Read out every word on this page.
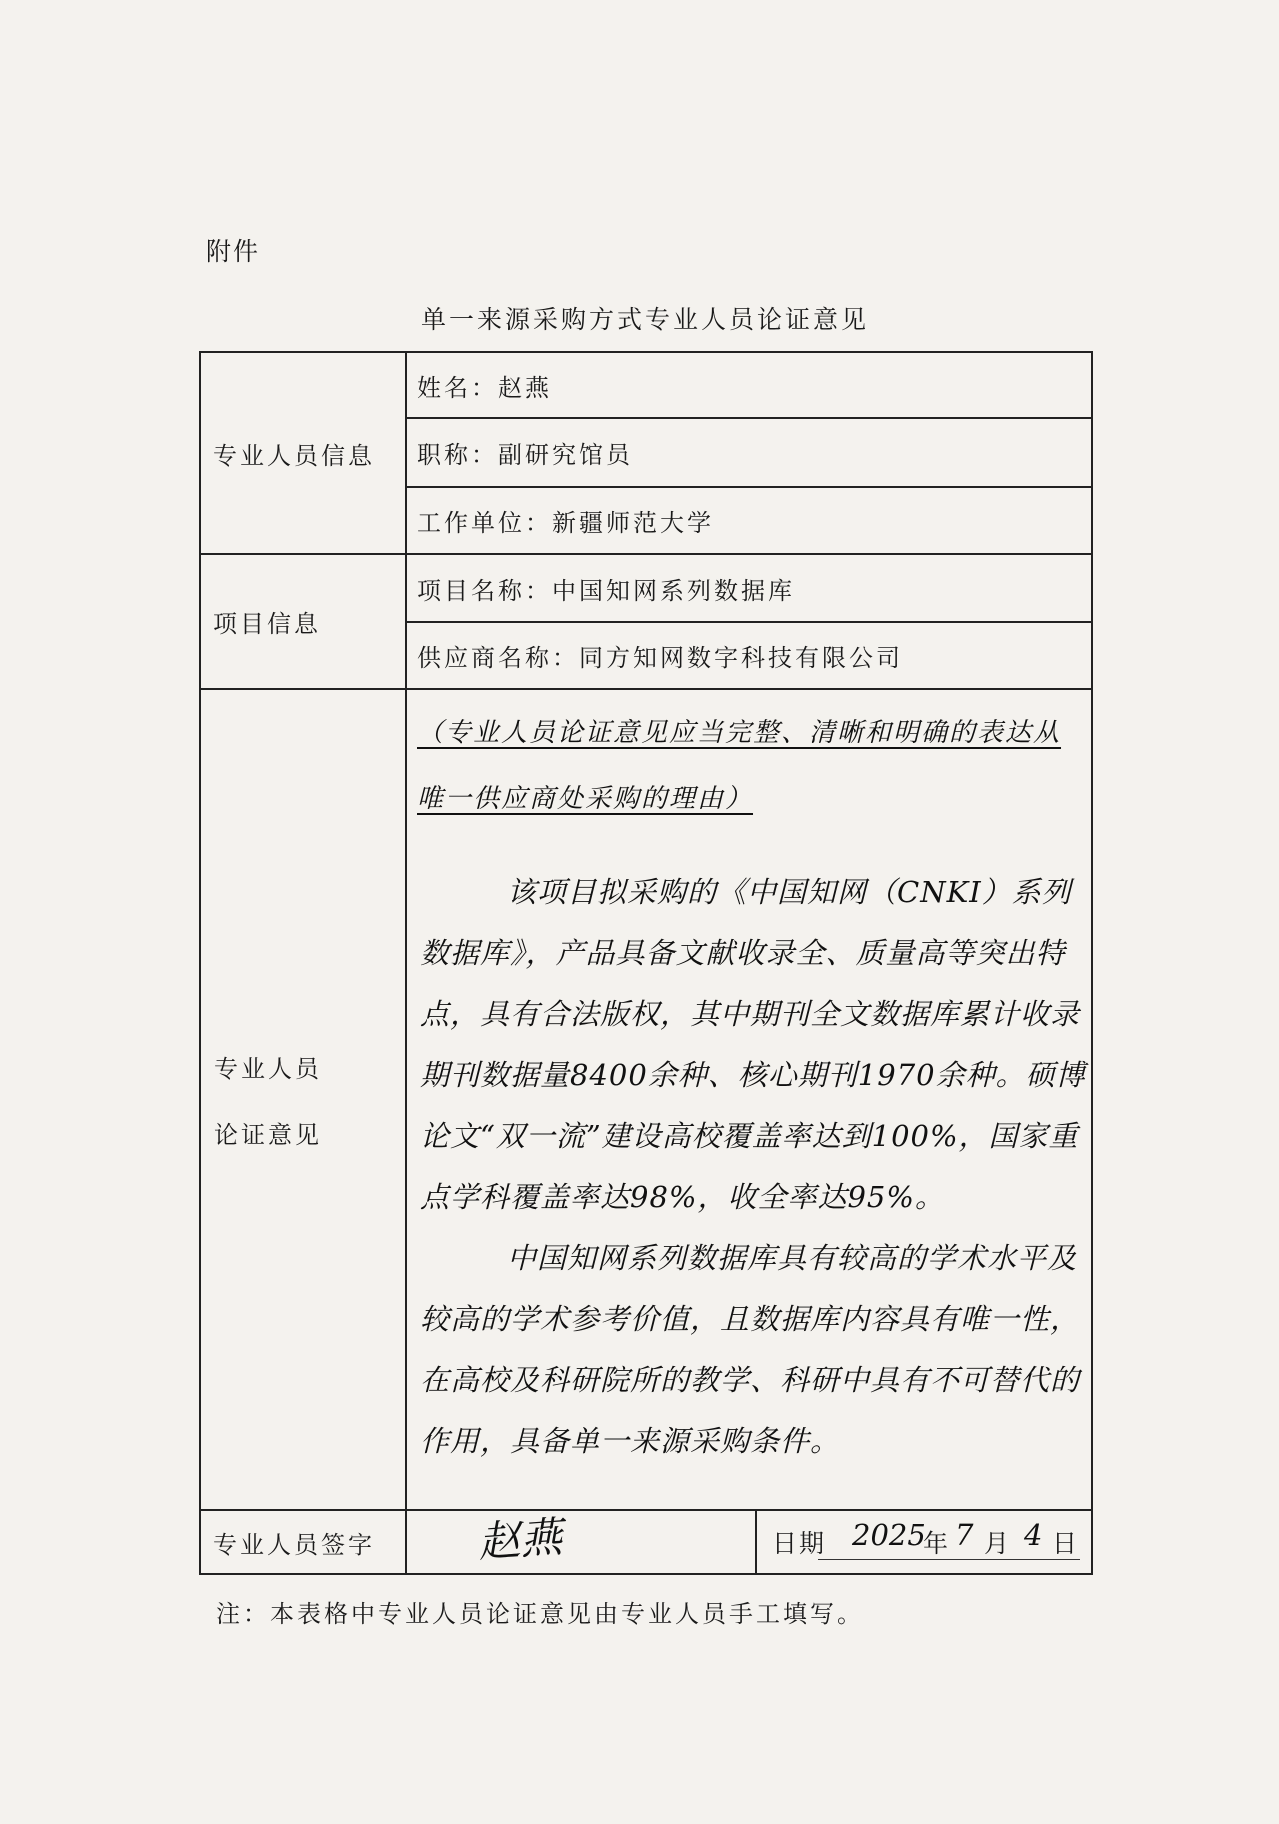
附件
单一来源采购方式专业人员论证意见
专业人员信息
姓名：赵燕
职称：副研究馆员
工作单位：新疆师范大学
项目信息
项目名称：中国知网系列数据库
供应商名称：同方知网数字科技有限公司
专业人员
论证意见
（专业人员论证意见应当完整、清晰和明确的表达从唯一供应商处采购的理由）

该项目拟采购的《中国知网（CNKI）系列数据库》，产品具备文献收录全、质量高等突出特点，具有合法版权，其中期刊全文数据库累计收录期刊数据量8400余种、核心期刊1970余种。硕博论文“双一流”建设高校覆盖率达到100%，国家重点学科覆盖率达98%，收全率达95%。

中国知网系列数据库具有较高的学术水平及较高的学术参考价值，且数据库内容具有唯一性，在高校及科研院所的教学、科研中具有不可替代的作用，具备单一来源采购条件。

专业人员签字	赵燕	日期 2025
年 7 月 4 日
注：本表格中专业人员论证意见由专业人员手工填写。
